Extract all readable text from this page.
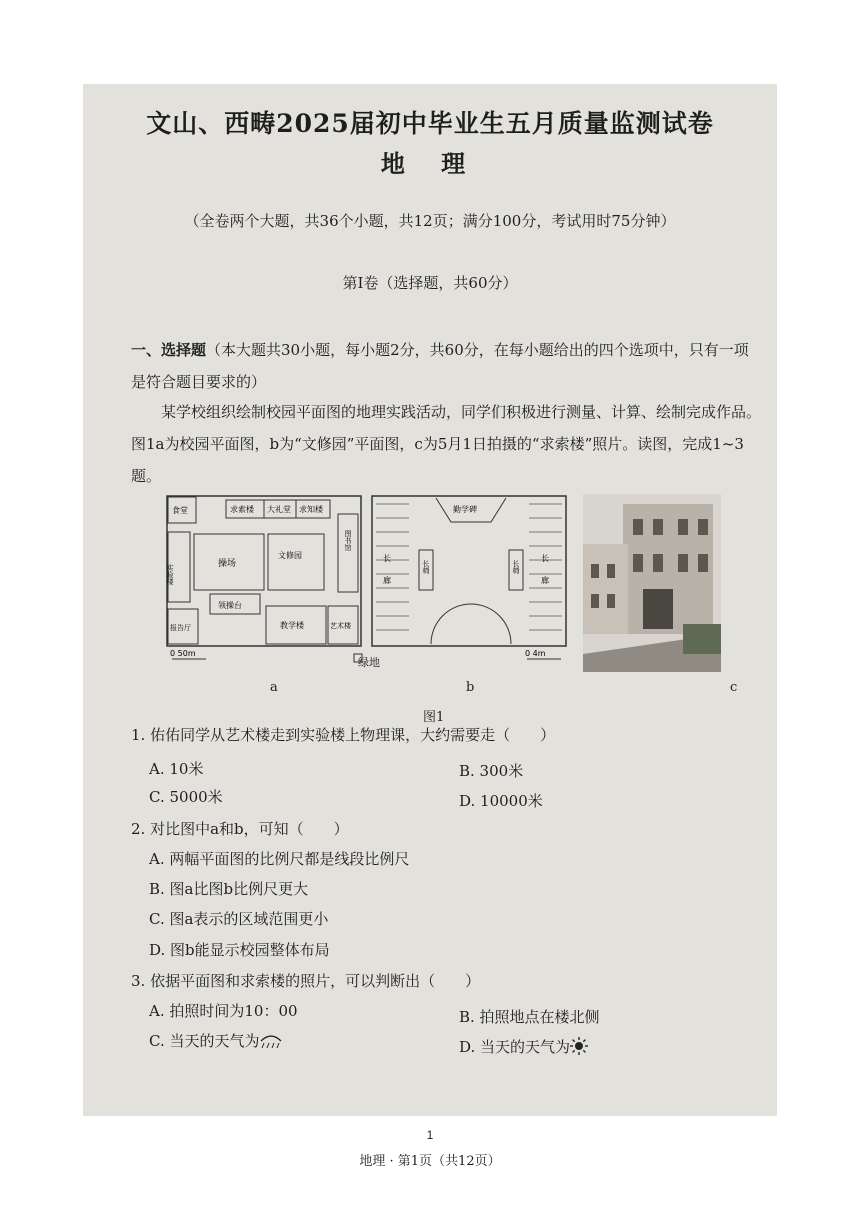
文山、西畴2025届初中毕业生五月质量监测试卷
地 理
（全卷两个大题，共36个小题，共12页；满分100分，考试用时75分钟）
第Ⅰ卷（选择题，共60分）
一、选择题（本大题共30小题，每小题2分，共60分，在每小题给出的四个选项中，只有一项是符合题目要求的）
某学校组织绘制校园平面图的地理实践活动，同学们积极进行测量、计算、绘制完成作品。图1a为校园平面图，b为“文修园”平面图，c为5月1日拍摄的“求索楼”照片。读图，完成1~3题。
食堂	求索楼 大礼堂 求知楼
实验楼	操场
文修园
图书馆
报告厅
领操台
教学楼	艺术楼
0 50m
绿地
a
勤学碑
长廊	长椅	长椅	长廊
0 4m
b	c
图1
1. 佑佑同学从艺术楼走到实验楼上物理课，大约需要走（　　）
A. 10米	B. 300米
C. 5000米	D. 10000米
2. 对比图中a和b，可知（　　）
A. 两幅平面图的比例尺都是线段比例尺
B. 图a比图b比例尺更大
C. 图a表示的区域范围更小
D. 图b能显示校园整体布局
3. 依据平面图和求索楼的照片，可以判断出（　　）
A. 拍照时间为10：00	B. 拍照地点在楼北侧
C. 当天的天气为	D. 当天的天气为
地理 · 第1页（共12页）
1
